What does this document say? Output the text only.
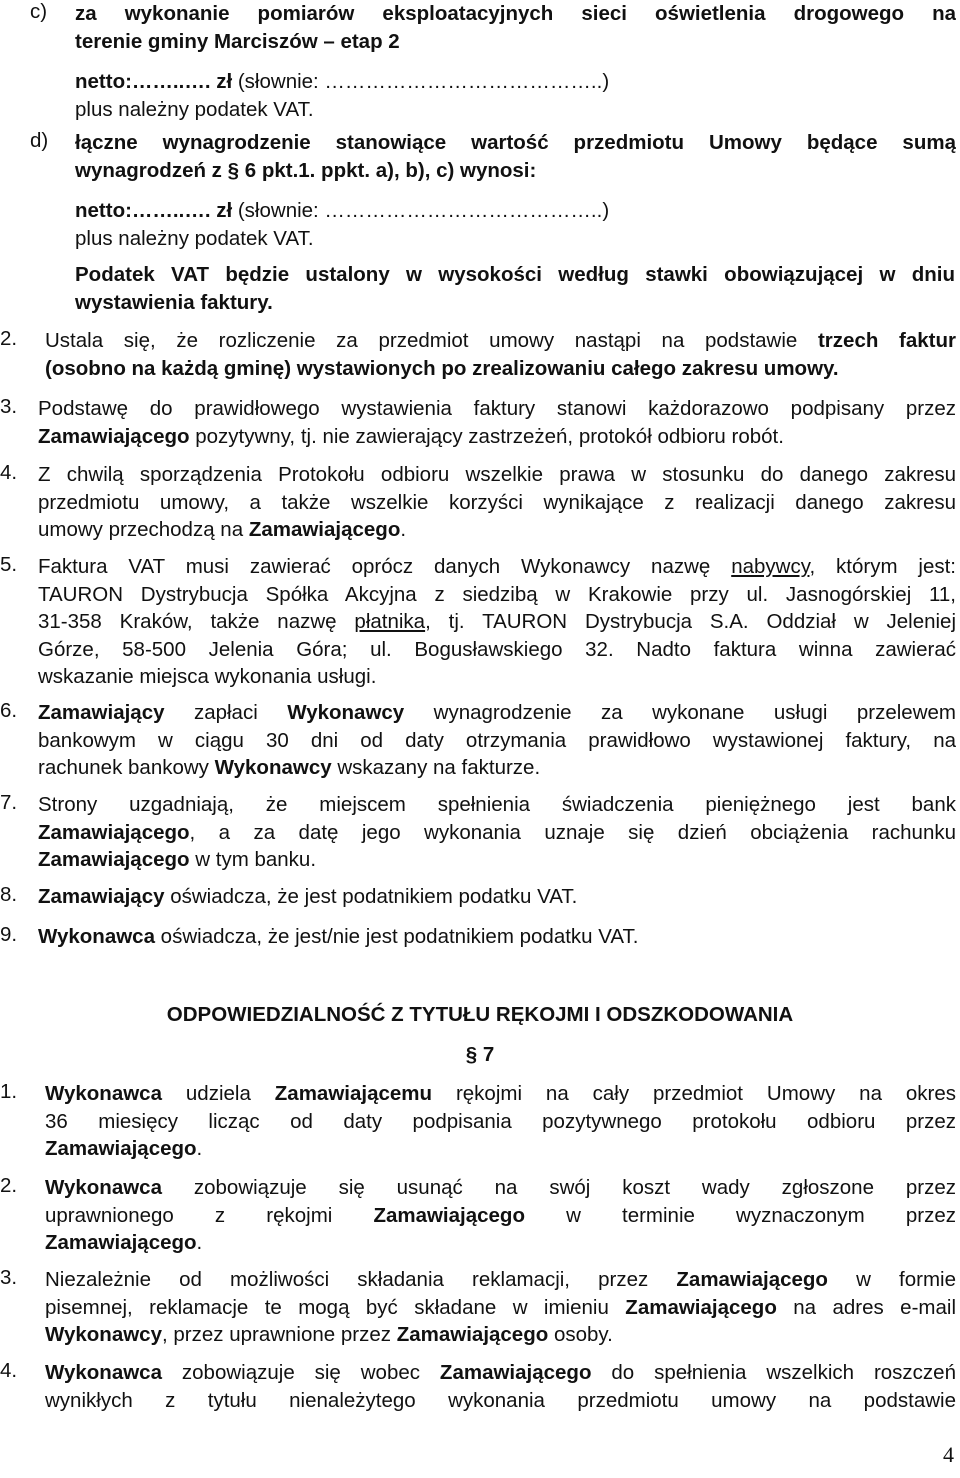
c) za wykonanie pomiarów eksploatacyjnych sieci oświetlenia drogowego na
terenie gminy Marciszów – etap 2
netto:……..…. zł (słownie: …………………………………..)
plus należny podatek VAT.
d) łączne wynagrodzenie stanowiące wartość przedmiotu Umowy będące sumą
wynagrodzeń z § 6 pkt.1. ppkt. a), b), c) wynosi:
netto:……..…. zł (słownie: …………………………………..)
plus należny podatek VAT.
Podatek VAT będzie ustalony w wysokości według stawki obowiązującej w dniu
wystawienia faktury.
2. Ustala się, że rozliczenie za przedmiot umowy nastąpi na podstawie trzech faktur
(osobno na każdą gminę) wystawionych po zrealizowaniu całego zakresu umowy.
3. Podstawę do prawidłowego wystawienia faktury stanowi każdorazowo podpisany przez
Zamawiającego pozytywny, tj. nie zawierający zastrzeżeń, protokół odbioru robót.
4. Z chwilą sporządzenia Protokołu odbioru wszelkie prawa w stosunku do danego zakresu
przedmiotu umowy, a także wszelkie korzyści wynikające z realizacji danego zakresu
umowy przechodzą na Zamawiającego.
5. Faktura VAT musi zawierać oprócz danych Wykonawcy nazwę nabywcy, którym jest:
TAURON Dystrybucja Spółka Akcyjna z siedzibą w Krakowie przy ul. Jasnogórskiej 11,
31-358 Kraków, także nazwę płatnika, tj. TAURON Dystrybucja S.A. Oddział w Jeleniej
Górze, 58-500 Jelenia Góra; ul. Bogusławskiego 32. Nadto faktura winna zawierać
wskazanie miejsca wykonania usługi.
6. Zamawiający zapłaci Wykonawcy wynagrodzenie za wykonane usługi przelewem
bankowym w ciągu 30 dni od daty otrzymania prawidłowo wystawionej faktury, na
rachunek bankowy Wykonawcy wskazany na fakturze.
7. Strony uzgadniają, że miejscem spełnienia świadczenia pieniężnego jest bank
Zamawiającego, a za datę jego wykonania uznaje się dzień obciążenia rachunku
Zamawiającego w tym banku.
8. Zamawiający oświadcza, że jest podatnikiem podatku VAT.
9. Wykonawca oświadcza, że jest/nie jest podatnikiem podatku VAT.
ODPOWIEDZIALNOŚĆ Z TYTUŁU RĘKOJMI I ODSZKODOWANIA
§ 7
1. Wykonawca udziela Zamawiającemu rękojmi na cały przedmiot Umowy na okres
36 miesięcy licząc od daty podpisania pozytywnego protokołu odbioru przez
Zamawiającego.
2. Wykonawca zobowiązuje się usunąć na swój koszt wady zgłoszone przez
uprawnionego z rękojmi Zamawiającego w terminie wyznaczonym przez
Zamawiającego.
3. Niezależnie od możliwości składania reklamacji, przez Zamawiającego w formie
pisemnej, reklamacje te mogą być składane w imieniu Zamawiającego na adres e-mail
Wykonawcy, przez uprawnione przez Zamawiającego osoby.
4. Wykonawca zobowiązuje się wobec Zamawiającego do spełnienia wszelkich roszczeń
wynikłych z tytułu nienależytego wykonania przedmiotu umowy na podstawie
4
